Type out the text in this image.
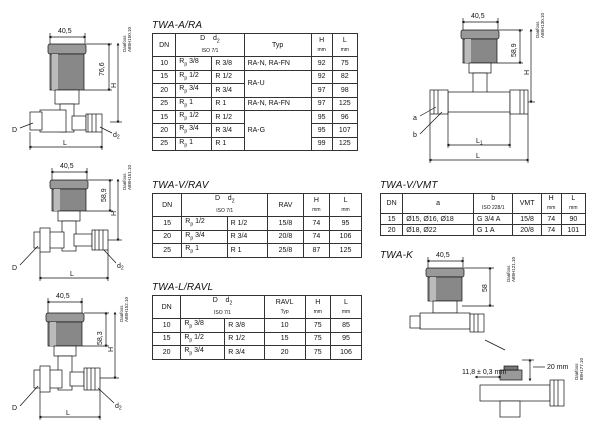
40,5
76,6
H
L
D
$d_2$
Danfoss A88H150.10
40,5
58,9
H
L
D	$d_2$
Danfoss A88H151.10
40,5
58,3
H
L
D	$d_2$
Danfoss A88H152.10
40,5
58,9
H
$L_1$
L
a
b
Danfoss A88H130.10
40,5
58
Danfoss A88H121.10
11,8 ± 0,3 mm
20 mm Danfoss 88H177.10
TWA-A/RA
DN	D $d_2$
ISO 7/1		Typ	H
mm	L
mm
10	$R_p$ 3/8	R 3/8	RA-N, RA-FN	92	75
15	$R_p$ 1/2	R 1/2	RA-U	92	82
20	$R_p$ 3/4	R 3/4		97	98
25	$R_p$ 1	R 1	RA-N, RA-FN	97	125
15	$R_p$ 1/2	R 1/2	RA-G	95	96
20	$R_p$ 3/4	R 3/4		95	107
25	$R_p$ 1	R 1		99	125
TWA-V/RAV
DN	D $d_2$
ISO 7/1		RAV	H
mm	L
mm
15	$R_p$ 1/2	R 1/2	15/8	74	95
20	$R_p$ 3/4	R 3/4	20/8	74	106
25	$R_p$ 1	R 1	25/8	87	125
TWA-L/RAVL
DN	D $d_2$
ISO 7/1		RAVL
Typ	H
mm	L
mm
10	$R_p$ 3/8	R 3/8	10	75	85
15	$R_p$ 1/2	R 1/2	15	75	95
20	$R_p$ 3/4	R 3/4	20	75	106
TWA-V/VMT
DN	a	b
ISO 228/1	VMT	H
mm	L
mm
15	Ø15, Ø16, Ø18	G 3/4 A	15/8	74	90
20	Ø18, Ø22	G 1 A	20/8	74	101
TWA-K
